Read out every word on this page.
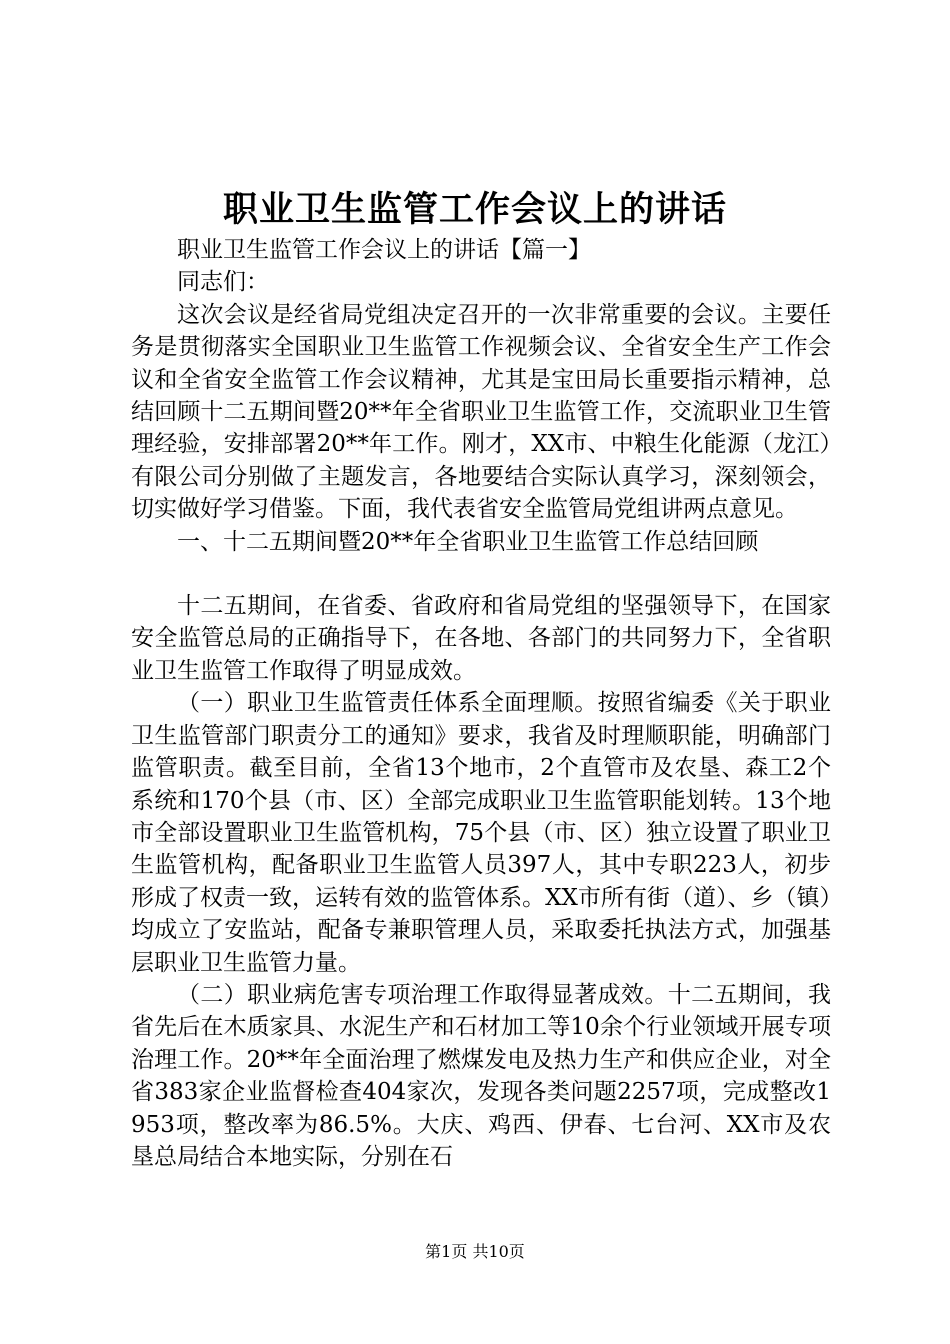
职业卫生监管工作会议上的讲话

职业卫生监管工作会议上的讲话【篇一】

同志们：

这次会议是经省局党组决定召开的一次非常重要的会议。主要任务是贯彻落实全国职业卫生监管工作视频会议、全省安全生产工作会议和全省安全监管工作会议精神，尤其是宝田局长重要指示精神，总结回顾十二五期间暨20**年全省职业卫生监管工作，交流职业卫生管理经验，安排部署20**年工作。刚才，XX市、中粮生化能源（龙江）有限公司分别做了主题发言，各地要结合实际认真学习，深刻领会，切实做好学习借鉴。下面，我代表省安全监管局党组讲两点意见。

一、十二五期间暨20**年全省职业卫生监管工作总结回顾

十二五期间，在省委、省政府和省局党组的坚强领导下，在国家安全监管总局的正确指导下，在各地、各部门的共同努力下，全省职业卫生监管工作取得了明显成效。

（一）职业卫生监管责任体系全面理顺。按照省编委《关于职业卫生监管部门职责分工的通知》要求，我省及时理顺职能，明确部门监管职责。截至目前，全省13个地市，2个直管市及农垦、森工2个系统和170个县（市、区）全部完成职业卫生监管职能划转。13个地市全部设置职业卫生监管机构，75个县（市、区）独立设置了职业卫生监管机构，配备职业卫生监管人员397人，其中专职223人，初步形成了权责一致，运转有效的监管体系。XX市所有街（道）、乡（镇）均成立了安监站，配备专兼职管理人员，采取委托执法方式，加强基层职业卫生监管力量。

（二）职业病危害专项治理工作取得显著成效。十二五期间，我省先后在木质家具、水泥生产和石材加工等10余个行业领域开展专项治理工作。20**年全面治理了燃煤发电及热力生产和供应企业，对全省383家企业监督检查404家次，发现各类问题2257项，完成整改1953项，整改率为86.5%。大庆、鸡西、伊春、七台河、XX市及农垦总局结合本地实际，分别在石

第1页 共10页
